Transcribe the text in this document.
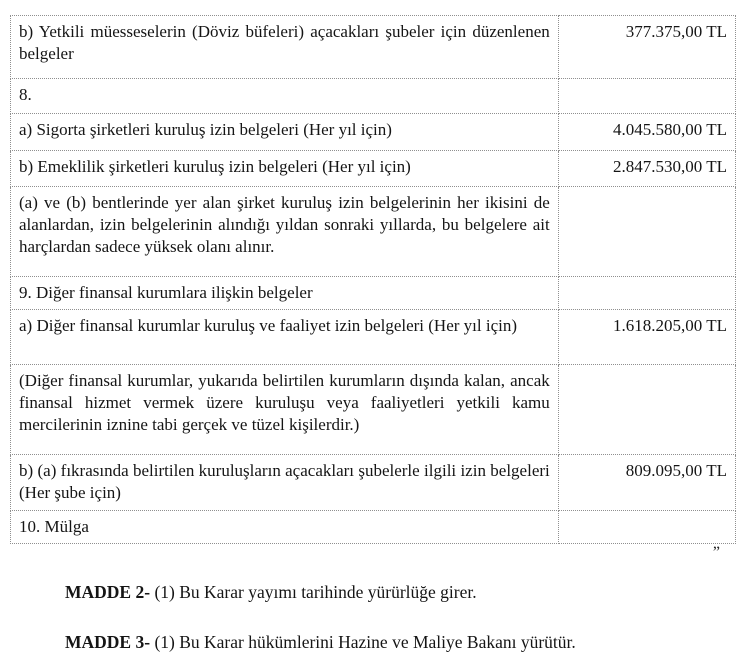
b) Yetkili müesseselerin (Döviz büfeleri) açacakları şubeler için düzenlenen belgeler	377.375,00 TL
8.	
a) Sigorta şirketleri kuruluş izin belgeleri (Her yıl için)	4.045.580,00 TL
b) Emeklilik şirketleri kuruluş izin belgeleri (Her yıl için)	2.847.530,00 TL
(a) ve (b) bentlerinde yer alan şirket kuruluş izin belgelerinin her ikisini de alanlardan, izin belgelerinin alındığı yıldan sonraki yıllarda, bu belgelere ait harçlardan sadece yüksek olanı alınır.	
9. Diğer finansal kurumlara ilişkin belgeler	
a) Diğer finansal kurumlar kuruluş ve faaliyet izin belgeleri (Her yıl için)	1.618.205,00 TL
(Diğer finansal kurumlar, yukarıda belirtilen kurumların dışında kalan, ancak finansal hizmet vermek üzere kuruluşu veya faaliyetleri yetkili kamu mercilerinin iznine tabi gerçek ve tüzel kişilerdir.)	
b) (a) fıkrasında belirtilen kuruluşların açacakları şubelerle ilgili izin belgeleri (Her şube için)	809.095,00 TL
10. Mülga	
”

MADDE 2- (1) Bu Karar yayımı tarihinde yürürlüğe girer.

MADDE 3- (1) Bu Karar hükümlerini Hazine ve Maliye Bakanı yürütür.
